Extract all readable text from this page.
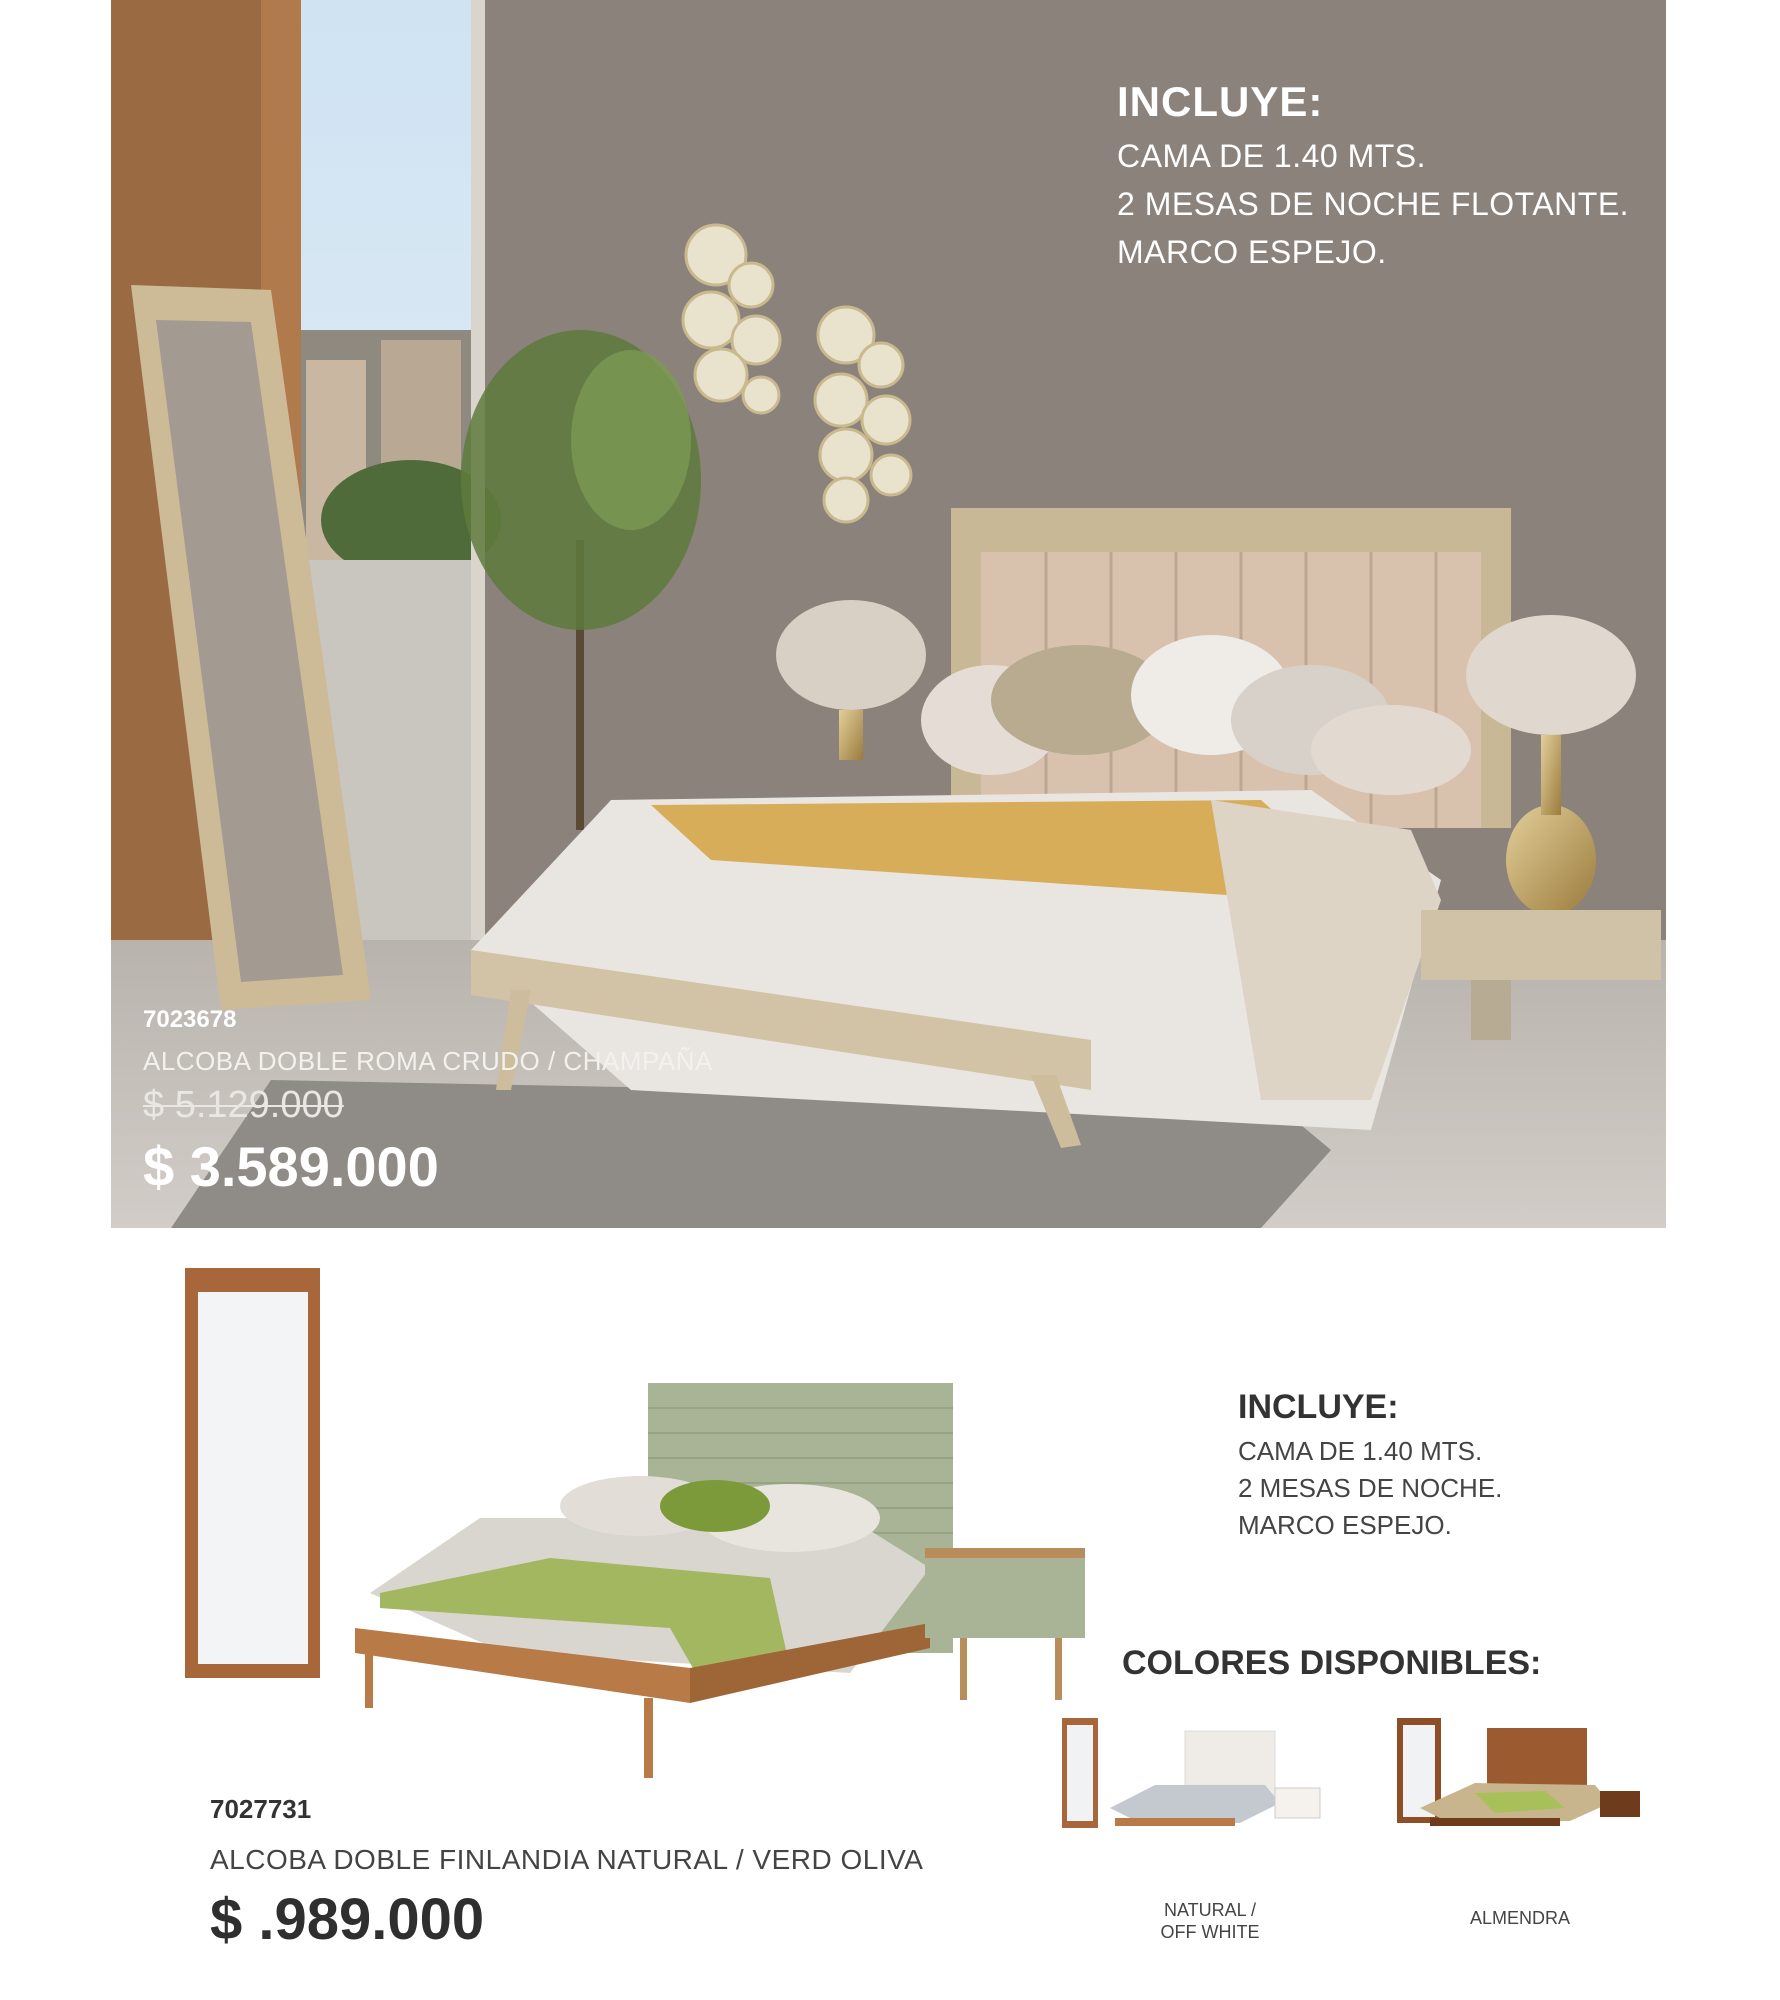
INCLUYE:
CAMA DE 1.40 MTS.
2 MESAS DE NOCHE FLOTANTE.
MARCO ESPEJO.
7023678
ALCOBA DOBLE ROMA CRUDO / CHAMPAÑA
$ 5.129.000
$ 3.589.000
INCLUYE:
CAMA DE 1.40 MTS.
2 MESAS DE NOCHE.
MARCO ESPEJO.
COLORES DISPONIBLES:
NATURAL /
OFF WHITE
ALMENDRA
7027731
ALCOBA DOBLE FINLANDIA NATURAL / VERD OLIVA
$ .989.000
